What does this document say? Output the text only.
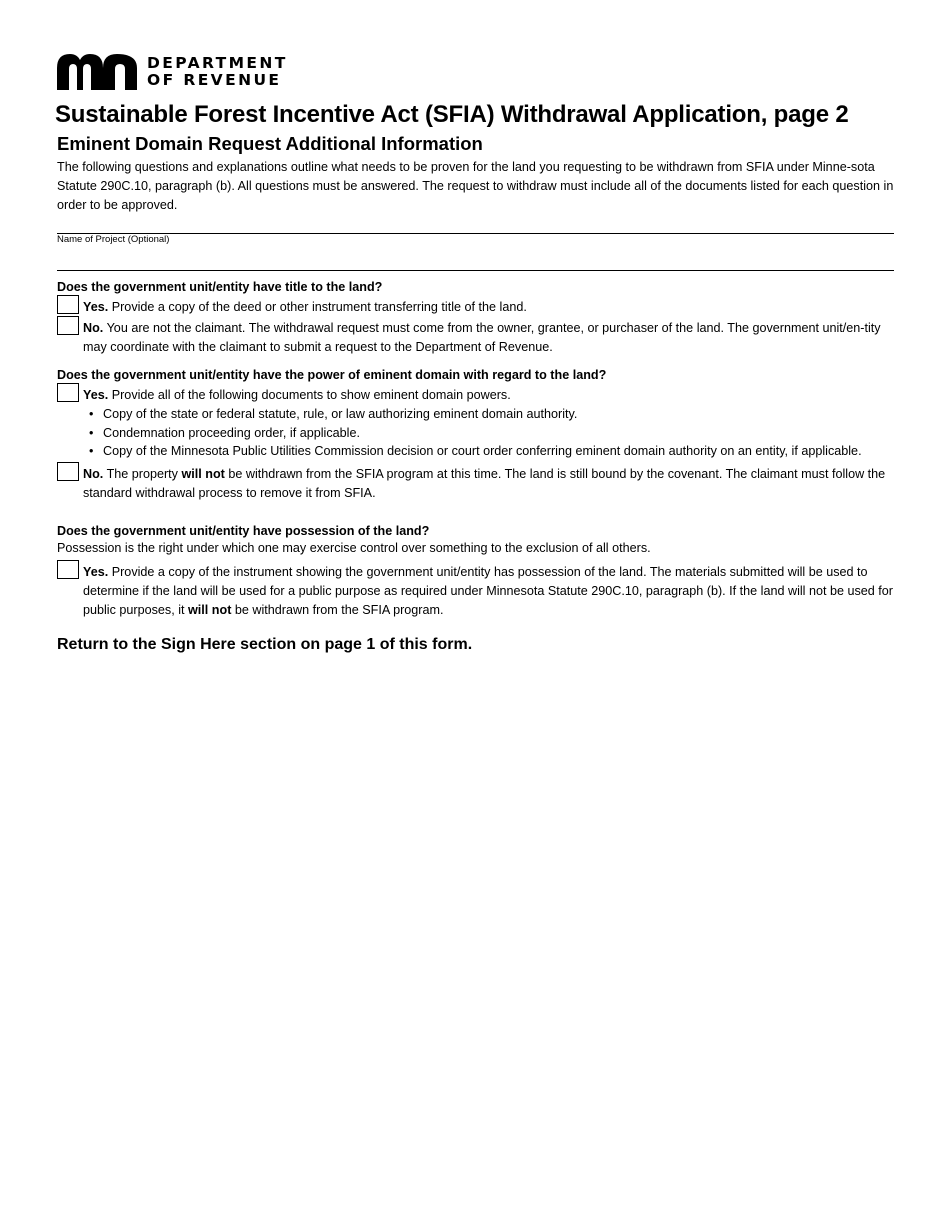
DEPARTMENT
OF REVENUE
Sustainable Forest Incentive Act (SFIA) Withdrawal Application, page 2
Eminent Domain Request Additional Information
The following questions and explanations outline what needs to be proven for the land you requesting to be withdrawn from SFIA under Minne-sota Statute 290C.10, paragraph (b). All questions must be answered. The request to withdraw must include all of the documents listed for each question in order to be approved.
Name of Project (Optional)
Does the government unit/entity have title to the land?
Yes. Provide a copy of the deed or other instrument transferring title of the land.
No. You are not the claimant. The withdrawal request must come from the owner, grantee, or purchaser of the land. The government unit/en-tity may coordinate with the claimant to submit a request to the Department of Revenue.
Does the government unit/entity have the power of eminent domain with regard to the land?
Yes. Provide all of the following documents to show eminent domain powers.
• Copy of the state or federal statute, rule, or law authorizing eminent domain authority.
• Condemnation proceeding order, if applicable.
• Copy of the Minnesota Public Utilities Commission decision or court order conferring eminent domain authority on an entity, if applicable.
No. The property will not be withdrawn from the SFIA program at this time. The land is still bound by the covenant. The claimant must follow the standard withdrawal process to remove it from SFIA.
Does the government unit/entity have possession of the land?
Possession is the right under which one may exercise control over something to the exclusion of all others.
Yes. Provide a copy of the instrument showing the government unit/entity has possession of the land. The materials submitted will be used to determine if the land will be used for a public purpose as required under Minnesota Statute 290C.10, paragraph (b). If the land will not be used for public purposes, it will not be withdrawn from the SFIA program.
Return to the Sign Here section on page 1 of this form.
